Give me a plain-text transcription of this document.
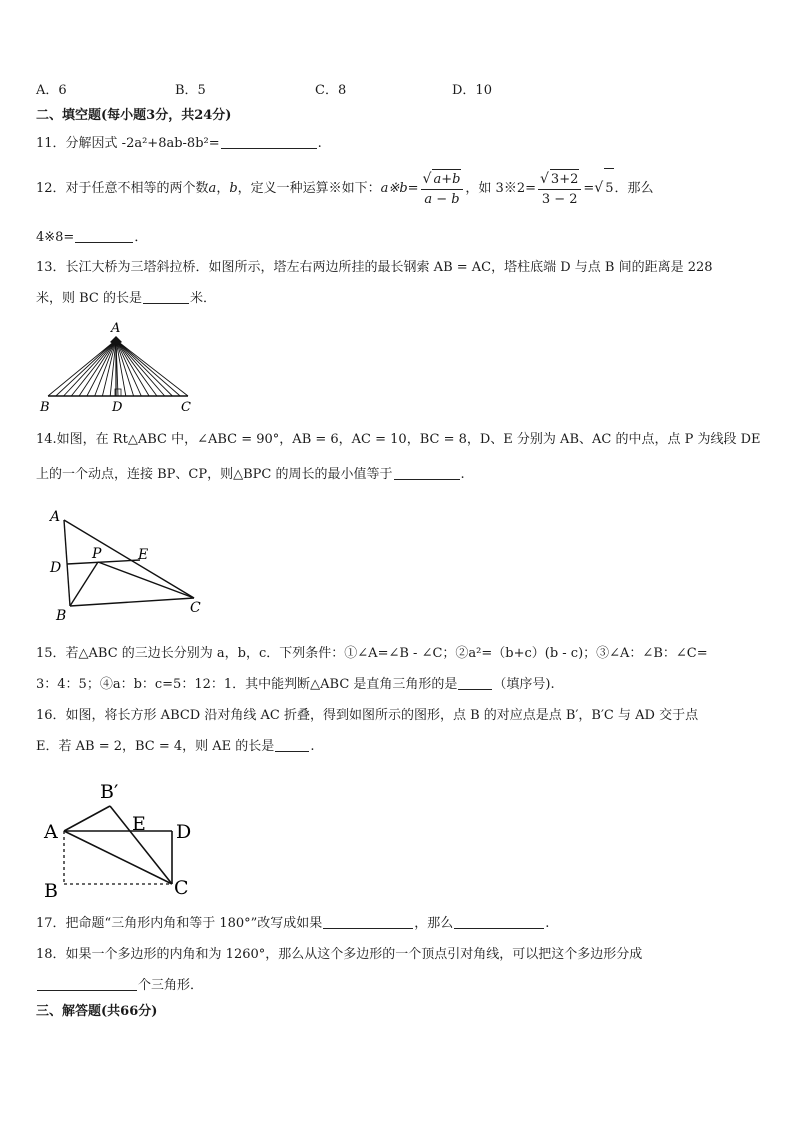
A．6	B．5	C．8	D．10
二、填空题(每小题3分，共24分)
11．分解因式 -2a²+8ab-8b²=	.
12．对于任意不相等的两个数a，b，定义一种运算※如下：a※b= $\frac{√ a+b}{a - b}$ ，如 3※2= $\frac{√ 3+2}{3 - 2}$ =√ 5．那么
4※8=	．
13．长江大桥为三塔斜拉桥．如图所示，塔左右两边所挂的最长钢索 AB = AC，塔柱底端 D 与点 B 间的距离是 228
米，则 BC 的长是	米．
A
B	D	C
14.如图，在 Rt△ABC 中，∠ABC = 90°，AB = 6，AC = 10，BC = 8，D、E 分别为 AB、AC 的中点，点 P 为线段 DE
上的一个动点，连接 BP、CP，则△BPC 的周长的最小值等于	.
A
D
P	E
B	C
15．若△ABC 的三边长分别为 a，b，c．下列条件：①∠A=∠B - ∠C；②a²=（b+c）(b - c)；③∠A：∠B：∠C=
3：4：5；④a：b：c=5：12：1．其中能判断△ABC 是直角三角形的是	（填序号).
16．如图，将长方形 ABCD 沿对角线 AC 折叠，得到如图所示的图形，点 B 的对应点是点 B′，B′C 与 AD 交于点
E．若 AB = 2，BC = 4，则 AE 的长是	.
B′
E
A	D
B	C
17．把命题“三角形内角和等于 180°”改写成如果	，那么	.
18．如果一个多边形的内角和为 1260°，那么从这个多边形的一个顶点引对角线，可以把这个多边形分成
个三角形．
三、解答题(共66分)
